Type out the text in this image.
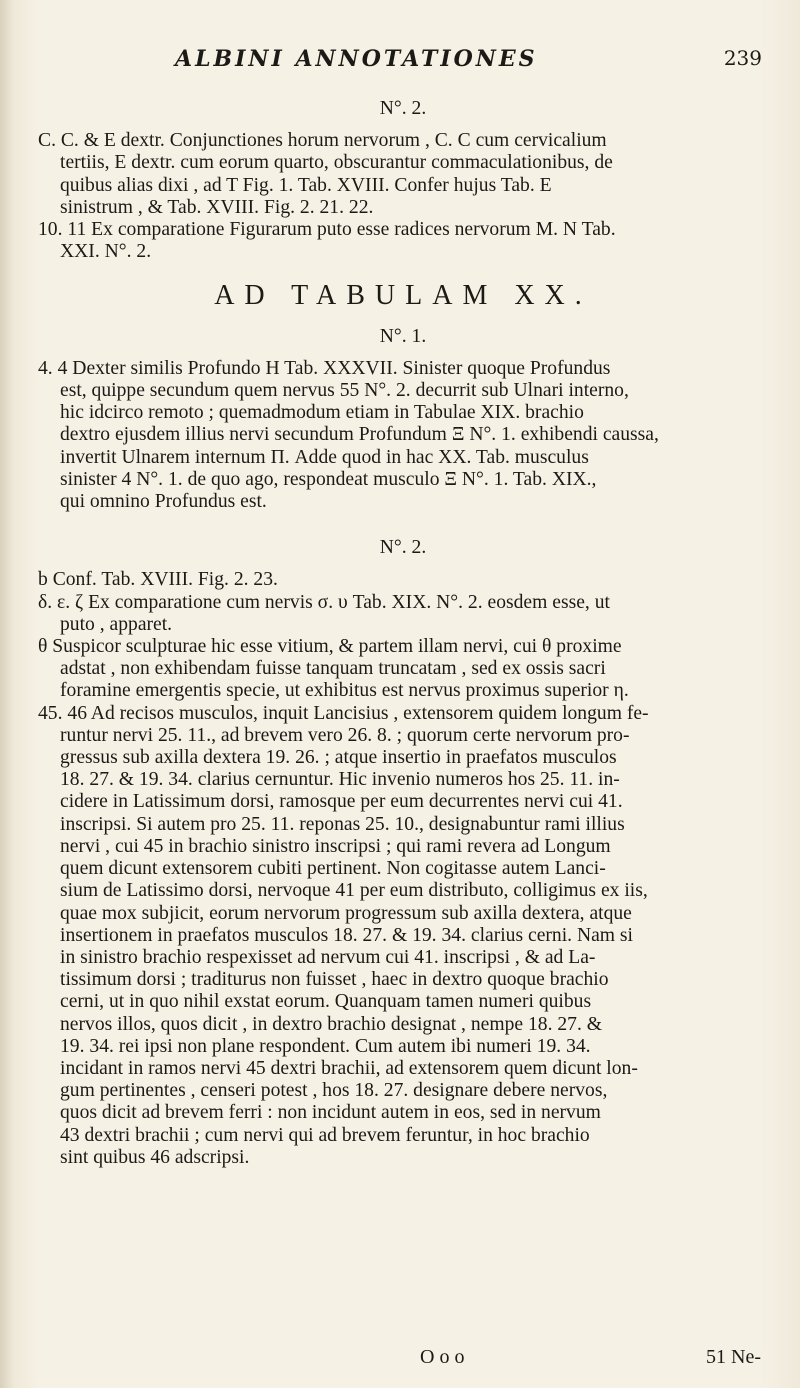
ALBINI ANNOTATIONES	239
N°. 2.
C. C. & E dextr. Conjunctiones horum nervorum , C. C cum cervicalium
tertiis, E dextr. cum eorum quarto, obscurantur commaculationibus, de
quibus alias dixi , ad T Fig. 1. Tab. XVIII. Confer hujus Tab. E
sinistrum , & Tab. XVIII. Fig. 2. 21. 22.
10. 11 Ex comparatione Figurarum puto esse radices nervorum M. N Tab.
XXI. N°. 2.
AD TABULAM XX.
N°. 1.
4. 4 Dexter similis Profundo H Tab. XXXVII. Sinister quoque Profundus
est, quippe secundum quem nervus 55 N°. 2. decurrit sub Ulnari interno,
hic idcirco remoto ; quemadmodum etiam in Tabulae XIX. brachio
dextro ejusdem illius nervi secundum Profundum Ξ N°. 1. exhibendi caussa,
invertit Ulnarem internum Π. Adde quod in hac XX. Tab. musculus
sinister 4 N°. 1. de quo ago, respondeat musculo Ξ N°. 1. Tab. XIX.,
qui omnino Profundus est.
N°. 2.
b Conf. Tab. XVIII. Fig. 2. 23.
δ. ε. ζ Ex comparatione cum nervis σ. υ Tab. XIX. N°. 2. eosdem esse, ut
puto , apparet.
θ Suspicor sculpturae hic esse vitium, & partem illam nervi, cui θ proxime
adstat , non exhibendam fuisse tanquam truncatam , sed ex ossis sacri
foramine emergentis specie, ut exhibitus est nervus proximus superior η.
45. 46 Ad recisos musculos, inquit Lancisius , extensorem quidem longum fe-
runtur nervi 25. 11., ad brevem vero 26. 8. ; quorum certe nervorum pro-
gressus sub axilla dextera 19. 26. ; atque insertio in praefatos musculos
18. 27. & 19. 34. clarius cernuntur. Hic invenio numeros hos 25. 11. in-
cidere in Latissimum dorsi, ramosque per eum decurrentes nervi cui 41.
inscripsi. Si autem pro 25. 11. reponas 25. 10., designabuntur rami illius
nervi , cui 45 in brachio sinistro inscripsi ; qui rami revera ad Longum
quem dicunt extensorem cubiti pertinent. Non cogitasse autem Lanci-
sium de Latissimo dorsi, nervoque 41 per eum distributo, colligimus ex iis,
quae mox subjicit, eorum nervorum progressum sub axilla dextera, atque
insertionem in praefatos musculos 18. 27. & 19. 34. clarius cerni. Nam si
in sinistro brachio respexisset ad nervum cui 41. inscripsi , & ad La-
tissimum dorsi ; traditurus non fuisset , haec in dextro quoque brachio
cerni, ut in quo nihil exstat eorum. Quanquam tamen numeri quibus
nervos illos, quos dicit , in dextro brachio designat , nempe 18. 27. &
19. 34. rei ipsi non plane respondent. Cum autem ibi numeri 19. 34.
incidant in ramos nervi 45 dextri brachii, ad extensorem quem dicunt lon-
gum pertinentes , censeri potest , hos 18. 27. designare debere nervos,
quos dicit ad brevem ferri : non incidunt autem in eos, sed in nervum
43 dextri brachii ; cum nervi qui ad brevem feruntur, in hoc brachio
sint quibus 46 adscripsi.
O o o	51 Ne-
